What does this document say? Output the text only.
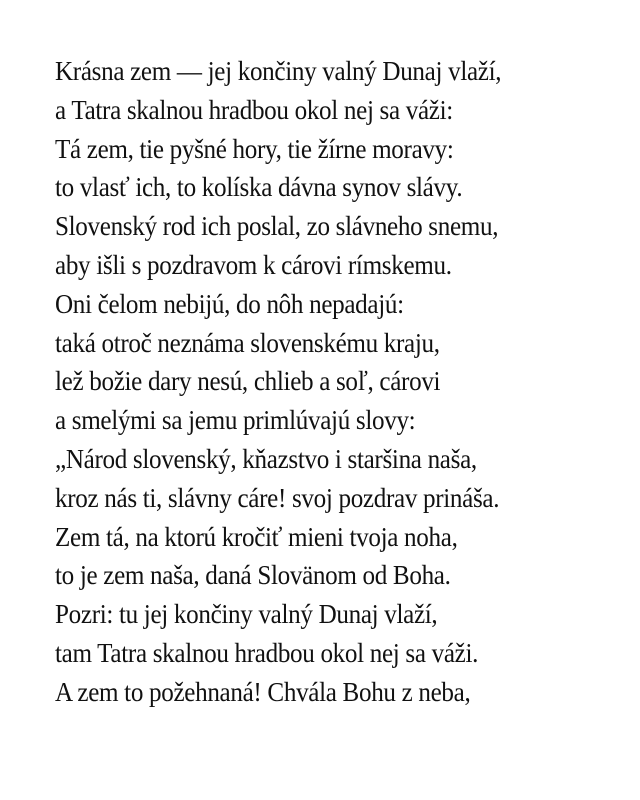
Krásna zem — jej končiny valný Dunaj vlaží,
a Tatra skalnou hradbou okol nej sa váži:
Tá zem, tie pyšné hory, tie žírne moravy:
to vlasť ich, to kolíska dávna synov slávy.
Slovenský rod ich poslal, zo slávneho snemu,
aby išli s pozdravom k cárovi rímskemu.
Oni čelom nebijú, do nôh nepadajú:
taká otroč neznáma slovenskému kraju,
lež božie dary nesú, chlieb a soľ, cárovi
a smelými sa jemu primlúvajú slovy:
„Národ slovenský, kňazstvo i staršina naša,
kroz nás ti, slávny cáre! svoj pozdrav prináša.
Zem tá, na ktorú kročiť mieni tvoja noha,
to je zem naša, daná Slovänom od Boha.
Pozri: tu jej končiny valný Dunaj vlaží,
tam Tatra skalnou hradbou okol nej sa váži.
A zem to požehnaná! Chvála Bohu z neba,
